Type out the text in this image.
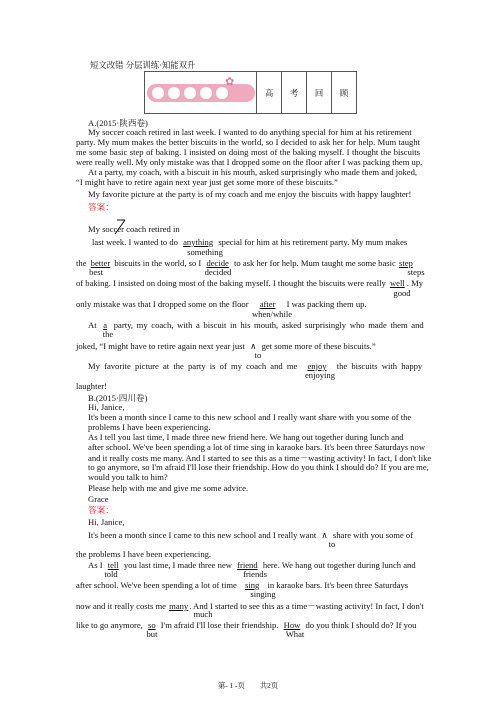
短文改错 分层训练·知能双升
✿
高	考	回	顾
A.(2015·陕西卷)
My soccer coach retired in last week. I wanted to do anything special for him at his retirement
party. My mum makes the better biscuits in the world, so I decided to ask her for help. Mum taught
me some basic step of baking. I insisted on doing most of the baking myself. I thought the biscuits
were really well. My only mistake was that I dropped some on the floor after I was packing them up.
At a party, my coach, with a biscuit in his mouth, asked surprisingly who made them and joked,
“I might have to retire again next year just get some more of these biscuits.”
My favorite picture at the party is of my coach and me enjoy the biscuits with happy laughter!
答案：
My soccer coach retired in
last week. I wanted to do anything special for him at his retirement party. My mum makes
something
the better biscuits in the world, so I decide to ask her for help. Mum taught me some basic step
best	decided	steps
of baking. I insisted on doing most of the baking myself. I thought the biscuits were really well . My
good
only mistake was that I dropped some on the floor after I was packing them up.
when/while
At a party, my coach, with a biscuit in his mouth, asked surprisingly who made them and
the
joked, “I might have to retire again next year just ∧ get some more of these biscuits.”
to
My favorite picture at the party is of my coach and me enjoy the biscuits with happy
enjoying
laughter!
B.(2015·四川卷)
Hi, Janice,
It's been a month since I came to this new school and I really want share with you some of the
problems I have been experiencing.
As I tell you last time, I made three new friend here. We hang out together during lunch and
after school. We've been spending a lot of time sing in karaoke bars. It's been three Saturdays now
and it really costs me many. And I started to see this as a time－wasting activity! In fact, I don't like
to go anymore, so I'm afraid I'll lose their friendship. How do you think I should do? If you are me,
would you talk to him?
Please help with me and give me some advice.
Grace
答案：
Hi, Janice,
It's been a month since I came to this new school and I really want ∧ share with you some of
to
the problems I have been experiencing.
As I tell you last time, I made three new friend here. We hang out together during lunch and
told	friends
after school. We've been spending a lot of time sing in karaoke bars. It's been three Saturdays
singing
now and it really costs me many. And I started to see this as a time－wasting activity! In fact, I don't
much
like to go anymore, so I'm afraid I'll lose their friendship. How do you think I should do? If you
but	What
第- 1 -页　　共2页
